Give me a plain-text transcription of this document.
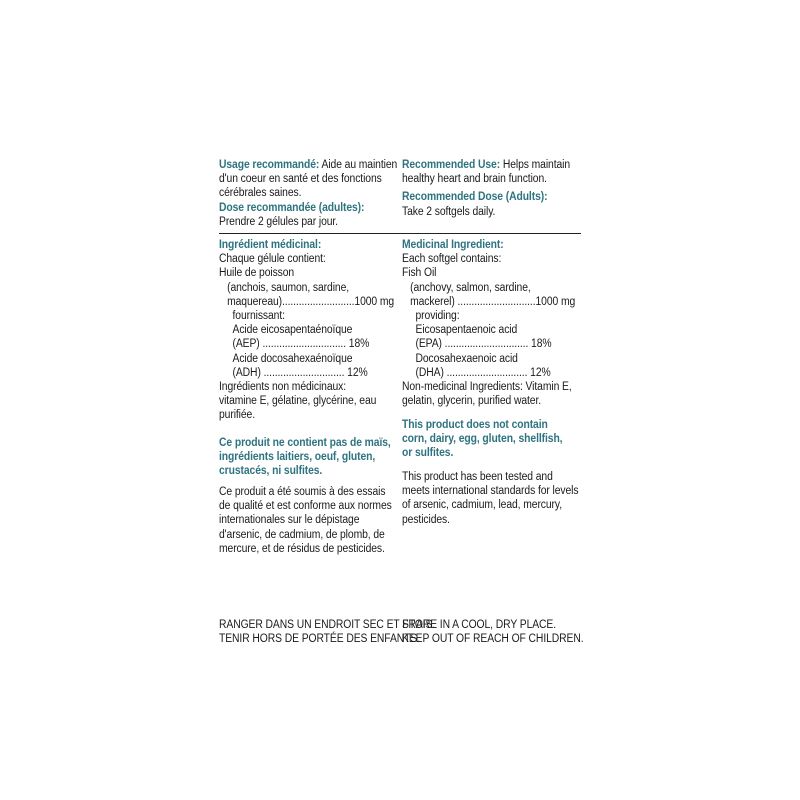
Usage recommandé: Aide au maintien
d'un coeur en santé et des fonctions
cérébrales saines.
Dose recommandée (adultes):
Prendre 2 gélules par jour.
Recommended Use: Helps maintain
healthy heart and brain function.
Recommended Dose (Adults):
Take 2 softgels daily.
Ingrédient médicinal:
Chaque gélule contient:
Huile de poisson
(anchois, saumon, sardine,
maquereau)..........................1000 mg
fournissant:
Acide eicosapentaénoïque
(AEP) .............................. 18%
Acide docosahexaénoïque
(ADH) ............................. 12%
Ingrédients non médicinaux:
vitamine E, gélatine, glycérine, eau
purifiée.
Medicinal Ingredient:
Each softgel contains:
Fish Oil
(anchovy, salmon, sardine,
mackerel) ............................1000 mg
providing:
Eicosapentaenoic acid
(EPA) .............................. 18%
Docosahexaenoic acid
(DHA) ............................. 12%
Non-medicinal Ingredients: Vitamin E,
gelatin, glycerin, purified water.
Ce produit ne contient pas de maïs,
ingrédients laitiers, oeuf, gluten,
crustacés, ni sulfites.
This product does not contain
corn, dairy, egg, gluten, shellfish,
or sulfites.
Ce produit a été soumis à des essais
de qualité et est conforme aux normes
internationales sur le dépistage
d'arsenic, de cadmium, de plomb, de
mercure, et de résidus de pesticides.
This product has been tested and
meets international standards for levels
of arsenic, cadmium, lead, mercury,
pesticides.
RANGER DANS UN ENDROIT SEC ET FRAIS.
TENIR HORS DE PORTÉE DES ENFANTS.
STORE IN A COOL, DRY PLACE.
KEEP OUT OF REACH OF CHILDREN.
